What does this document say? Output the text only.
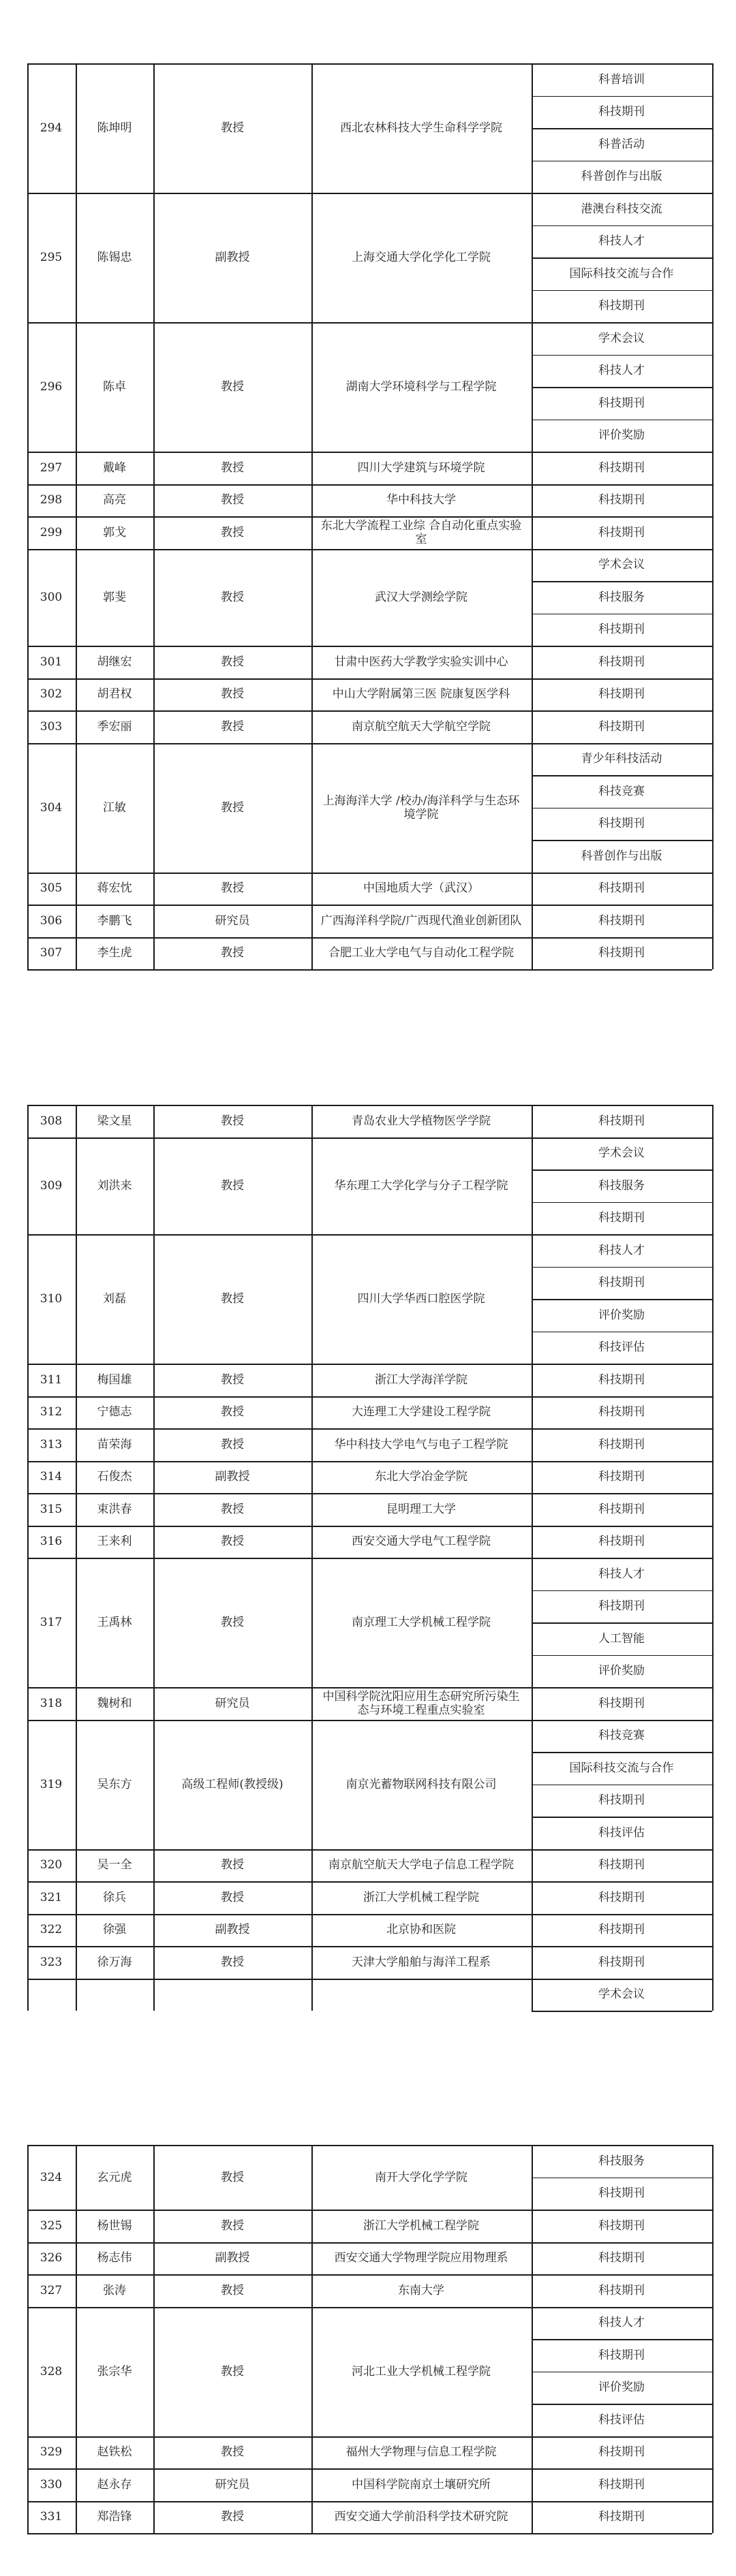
294	陈坤明	教授	西北农林科技大学生命科学学院
科普培训
科技期刊
科普活动
科普创作与出版
295	陈锡忠	副教授	上海交通大学化学化工学院
港澳台科技交流
科技人才
国际科技交流与合作
科技期刊
296	陈卓	教授	湖南大学环境科学与工程学院
学术会议
科技人才
科技期刊
评价奖励
297	戴峰	教授	四川大学建筑与环境学院	科技期刊
298	高亮	教授	华中科技大学	科技期刊
299	郭戈	教授	东北大学流程工业综 合自动化重点实验室	科技期刊
300	郭斐	教授	武汉大学测绘学院
学术会议
科技服务
科技期刊
301	胡继宏	教授	甘肃中医药大学教学实验实训中心	科技期刊
302	胡君权	教授	中山大学附属第三医 院康复医学科	科技期刊
303	季宏丽	教授	南京航空航天大学航空学院	科技期刊
304	江敏	教授	上海海洋大学 /校办/海洋科学与生态环境学院
青少年科技活动
科技竞赛
科技期刊
科普创作与出版
305	蒋宏忱	教授	中国地质大学（武汉）	科技期刊
306	李鹏飞	研究员	广西海洋科学院/广西现代渔业创新团队	科技期刊
307	李生虎	教授	合肥工业大学电气与自动化工程学院	科技期刊
308	梁文星	教授	青岛农业大学植物医学学院	科技期刊
309	刘洪来	教授	华东理工大学化学与分子工程学院
学术会议
科技服务
科技期刊
310	刘磊	教授	四川大学华西口腔医学院
科技人才
科技期刊
评价奖励
科技评估
311	梅国雄	教授	浙江大学海洋学院	科技期刊
312	宁德志	教授	大连理工大学建设工程学院	科技期刊
313	苗荣海	教授	华中科技大学电气与电子工程学院	科技期刊
314	石俊杰	副教授	东北大学冶金学院	科技期刊
315	束洪春	教授	昆明理工大学	科技期刊
316	王来利	教授	西安交通大学电气工程学院	科技期刊
317	王禹林	教授	南京理工大学机械工程学院
科技人才
科技期刊
人工智能
评价奖励
318	魏树和	研究员	中国科学院沈阳应用生态研究所污染生态与环境工程重点实验室	科技期刊
319	吴东方	高级工程师(教授级)	南京光蓄物联网科技有限公司
科技竞赛
国际科技交流与合作
科技期刊
科技评估
320	吴一全	教授	南京航空航天大学电子信息工程学院	科技期刊
321	徐兵	教授	浙江大学机械工程学院	科技期刊
322	徐强	副教授	北京协和医院	科技期刊
323	徐万海	教授	天津大学船舶与海洋工程系	科技期刊
学术会议
324	玄元虎	教授	南开大学化学学院
科技服务
科技期刊
325	杨世锡	教授	浙江大学机械工程学院	科技期刊
326	杨志伟	副教授	西安交通大学物理学院应用物理系	科技期刊
327	张涛	教授	东南大学	科技期刊
328	张宗华	教授	河北工业大学机械工程学院
科技人才
科技期刊
评价奖励
科技评估
329	赵铁松	教授	福州大学物理与信息工程学院	科技期刊
330	赵永存	研究员	中国科学院南京土壤研究所	科技期刊
331	郑浩锋	教授	西安交通大学前沿科学技术研究院	科技期刊
